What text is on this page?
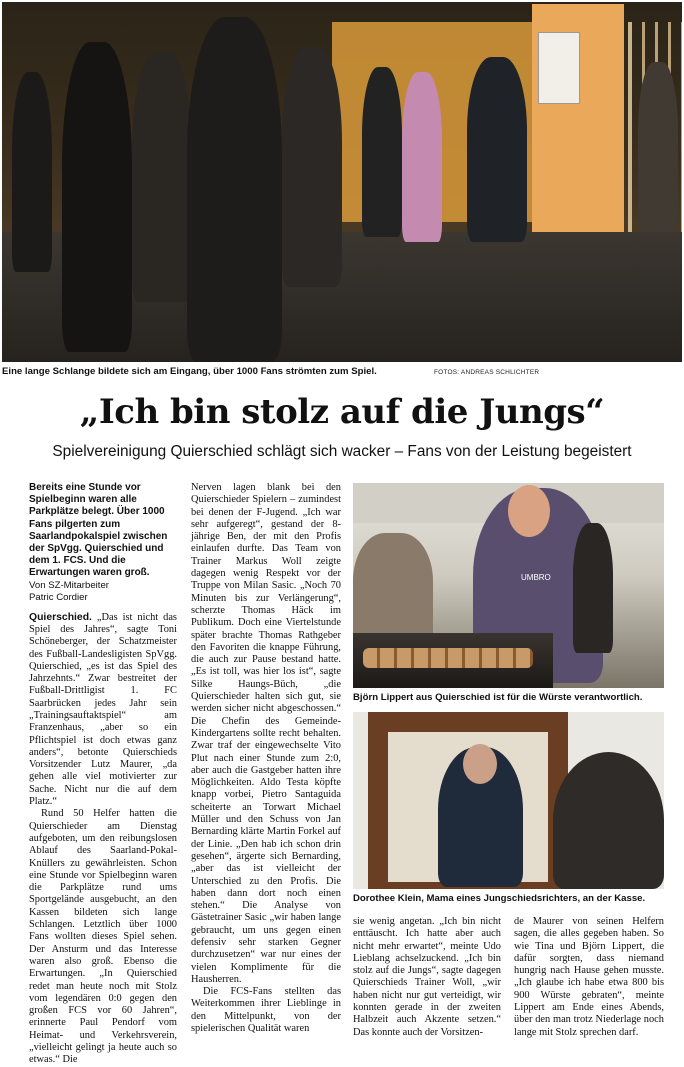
Eine lange Schlange bildete sich am Eingang, über 1000 Fans strömten zum Spiel.	FOTOS: ANDREAS SCHLICHTER
„Ich bin stolz auf die Jungs“
Spielvereinigung Quierschied schlägt sich wacker – Fans von der Leistung begeistert

Bereits eine Stunde vor Spielbeginn waren alle Parkplätze belegt. Über 1000 Fans pilgerten zum Saarlandpokalspiel zwischen der SpVgg. Quierschied und dem 1. FCS. Und die Erwartungen waren groß.

Von SZ-Mitarbeiter

Patric Cordier

Quierschied. „Das ist nicht das Spiel des Jahres“, sagte Toni Schöneberger, der Schatzmeister des Fußball-Landesligisten SpVgg. Quierschied, „es ist das Spiel des Jahrzehnts.“ Zwar bestreitet der Fußball-Drittligist 1. FC Saarbrücken jedes Jahr sein „Trainingsauftaktspiel“ am Franzenhaus, „aber so ein Pflichtspiel ist doch etwas ganz anders“, betonte Quierschieds Vorsitzender Lutz Maurer, „da gehen alle viel motivierter zur Sache. Nicht nur die auf dem Platz.“

Rund 50 Helfer hatten die Quierschieder am Dienstag aufgeboten, um den reibungslosen Ablauf des Saarland-Pokal-Knüllers zu gewährleisten. Schon eine Stunde vor Spielbeginn waren die Parkplätze rund ums Sportgelände ausgebucht, an den Kassen bildeten sich lange Schlangen. Letztlich über 1000 Fans wollten dieses Spiel sehen. Der Ansturm und das Interesse waren also groß. Ebenso die Erwartungen. „In Quierschied redet man heute noch mit Stolz vom legendären 0:0 gegen den großen FCS vor 60 Jahren“, erinnerte Paul Pendorf vom Heimat- und Verkehrsverein, „vielleicht gelingt ja heute auch so etwas.“ Die

Nerven lagen blank bei den Quierschieder Spielern – zumindest bei denen der F-Jugend. „Ich war sehr aufgeregt“, gestand der 8-jährige Ben, der mit den Profis einlaufen durfte. Das Team von Trainer Markus Woll zeigte dagegen wenig Respekt vor der Truppe von Milan Sasic. „Noch 70 Minuten bis zur Verlängerung“, scherzte Thomas Häck im Publikum. Doch eine Viertelstunde später brachte Thomas Rathgeber den Favoriten die knappe Führung, die auch zur Pause bestand hatte. „Es ist toll, was hier los ist“, sagte Silke Haungs-Büch, „die Quierschieder halten sich gut, sie werden sicher nicht abgeschossen.“ Die Chefin des Gemeinde-Kindergartens sollte recht behalten. Zwar traf der eingewechselte Vito Plut nach einer Stunde zum 2:0, aber auch die Gastgeber hatten ihre Möglichkeiten. Aldo Testa köpfte knapp vorbei, Pietro Santaguida scheiterte an Torwart Michael Müller und den Schuss von Jan Bernarding klärte Martin Forkel auf der Linie. „Den hab ich schon drin gesehen“, ärgerte sich Bernarding, „aber das ist vielleicht der Unterschied zu den Profis. Die haben dann dort noch einen stehen.“ Die Analyse von Gästetrainer Sasic „wir haben lange gebraucht, um uns gegen einen defensiv sehr starken Gegner durchzusetzen“ war nur eines der vielen Komplimente für die Hausherren.

Die FCS-Fans stellten das Weiterkommen ihrer Lieblinge in den Mittelpunkt, von der spielerischen Qualität waren

UMBRO
Björn Lippert aus Quierschied ist für die Würste verantwortlich.
Dorothee Klein, Mama eines Jungschiedsrichters, an der Kasse.

sie wenig angetan. „Ich bin nicht enttäuscht. Ich hatte aber auch nicht mehr erwartet“, meinte Udo Lieblang achselzuckend. „Ich bin stolz auf die Jungs“, sagte dagegen Quierschieds Trainer Woll, „wir haben nicht nur gut verteidigt, wir konnten gerade in der zweiten Halbzeit auch Akzente setzen.“ Das konnte auch der Vorsitzen-

de Maurer von seinen Helfern sagen, die alles gegeben haben. So wie Tina und Björn Lippert, die dafür sorgten, dass niemand hungrig nach Hause gehen musste. „Ich glaube ich habe etwa 800 bis 900 Würste gebraten“, meinte Lippert am Ende eines Abends, über den man trotz Niederlage noch lange mit Stolz sprechen darf.
